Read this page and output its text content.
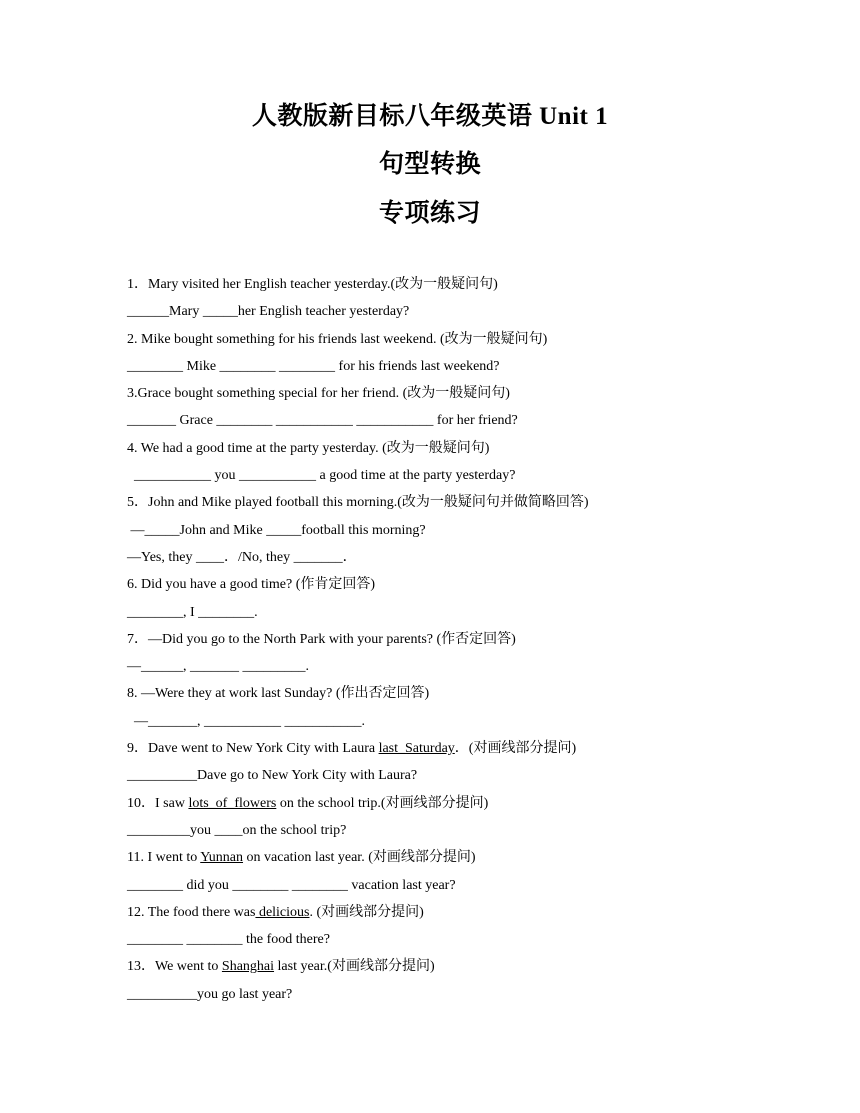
人教版新目标八年级英语 Unit 1
句型转换
专项练习
1．Mary visited her English teacher yesterday.(改为一般疑问句)
______Mary _____her English teacher yesterday?
2. Mike bought something for his friends last weekend. (改为一般疑问句)
________ Mike ________ ________ for his friends last weekend?
3.Grace bought something special for her friend. (改为一般疑问句)
_______ Grace ________ ___________ ___________ for her friend?
4. We had a good time at the party yesterday. (改为一般疑问句)
___________ you ___________ a good time at the party yesterday?
5．John and Mike played football this morning.(改为一般疑问句并做简略回答)
—_____John and Mike _____football this morning?
—Yes, they ____．/No, they _______．
6. Did you have a good time? (作肯定回答)
________, I ________.
7．—Did you go to the North Park with your parents? (作否定回答)
—______, _______ _________.
8. —Were they at work last Sunday? (作出否定回答)
—_______, ___________ ___________.
9．Dave went to New York City with Laura last_Saturday．(对画线部分提问)
__________Dave go to New York City with Laura?
10．I saw lots_of_flowers on the school trip.(对画线部分提问)
_________you ____on the school trip?
11. I went to Yunnan on vacation last year. (对画线部分提问)
________ did you ________ ________ vacation last year?
12. The food there was delicious. (对画线部分提问)
________ ________ the food there?
13．We went to Shanghai last year.(对画线部分提问)
__________you go last year?
